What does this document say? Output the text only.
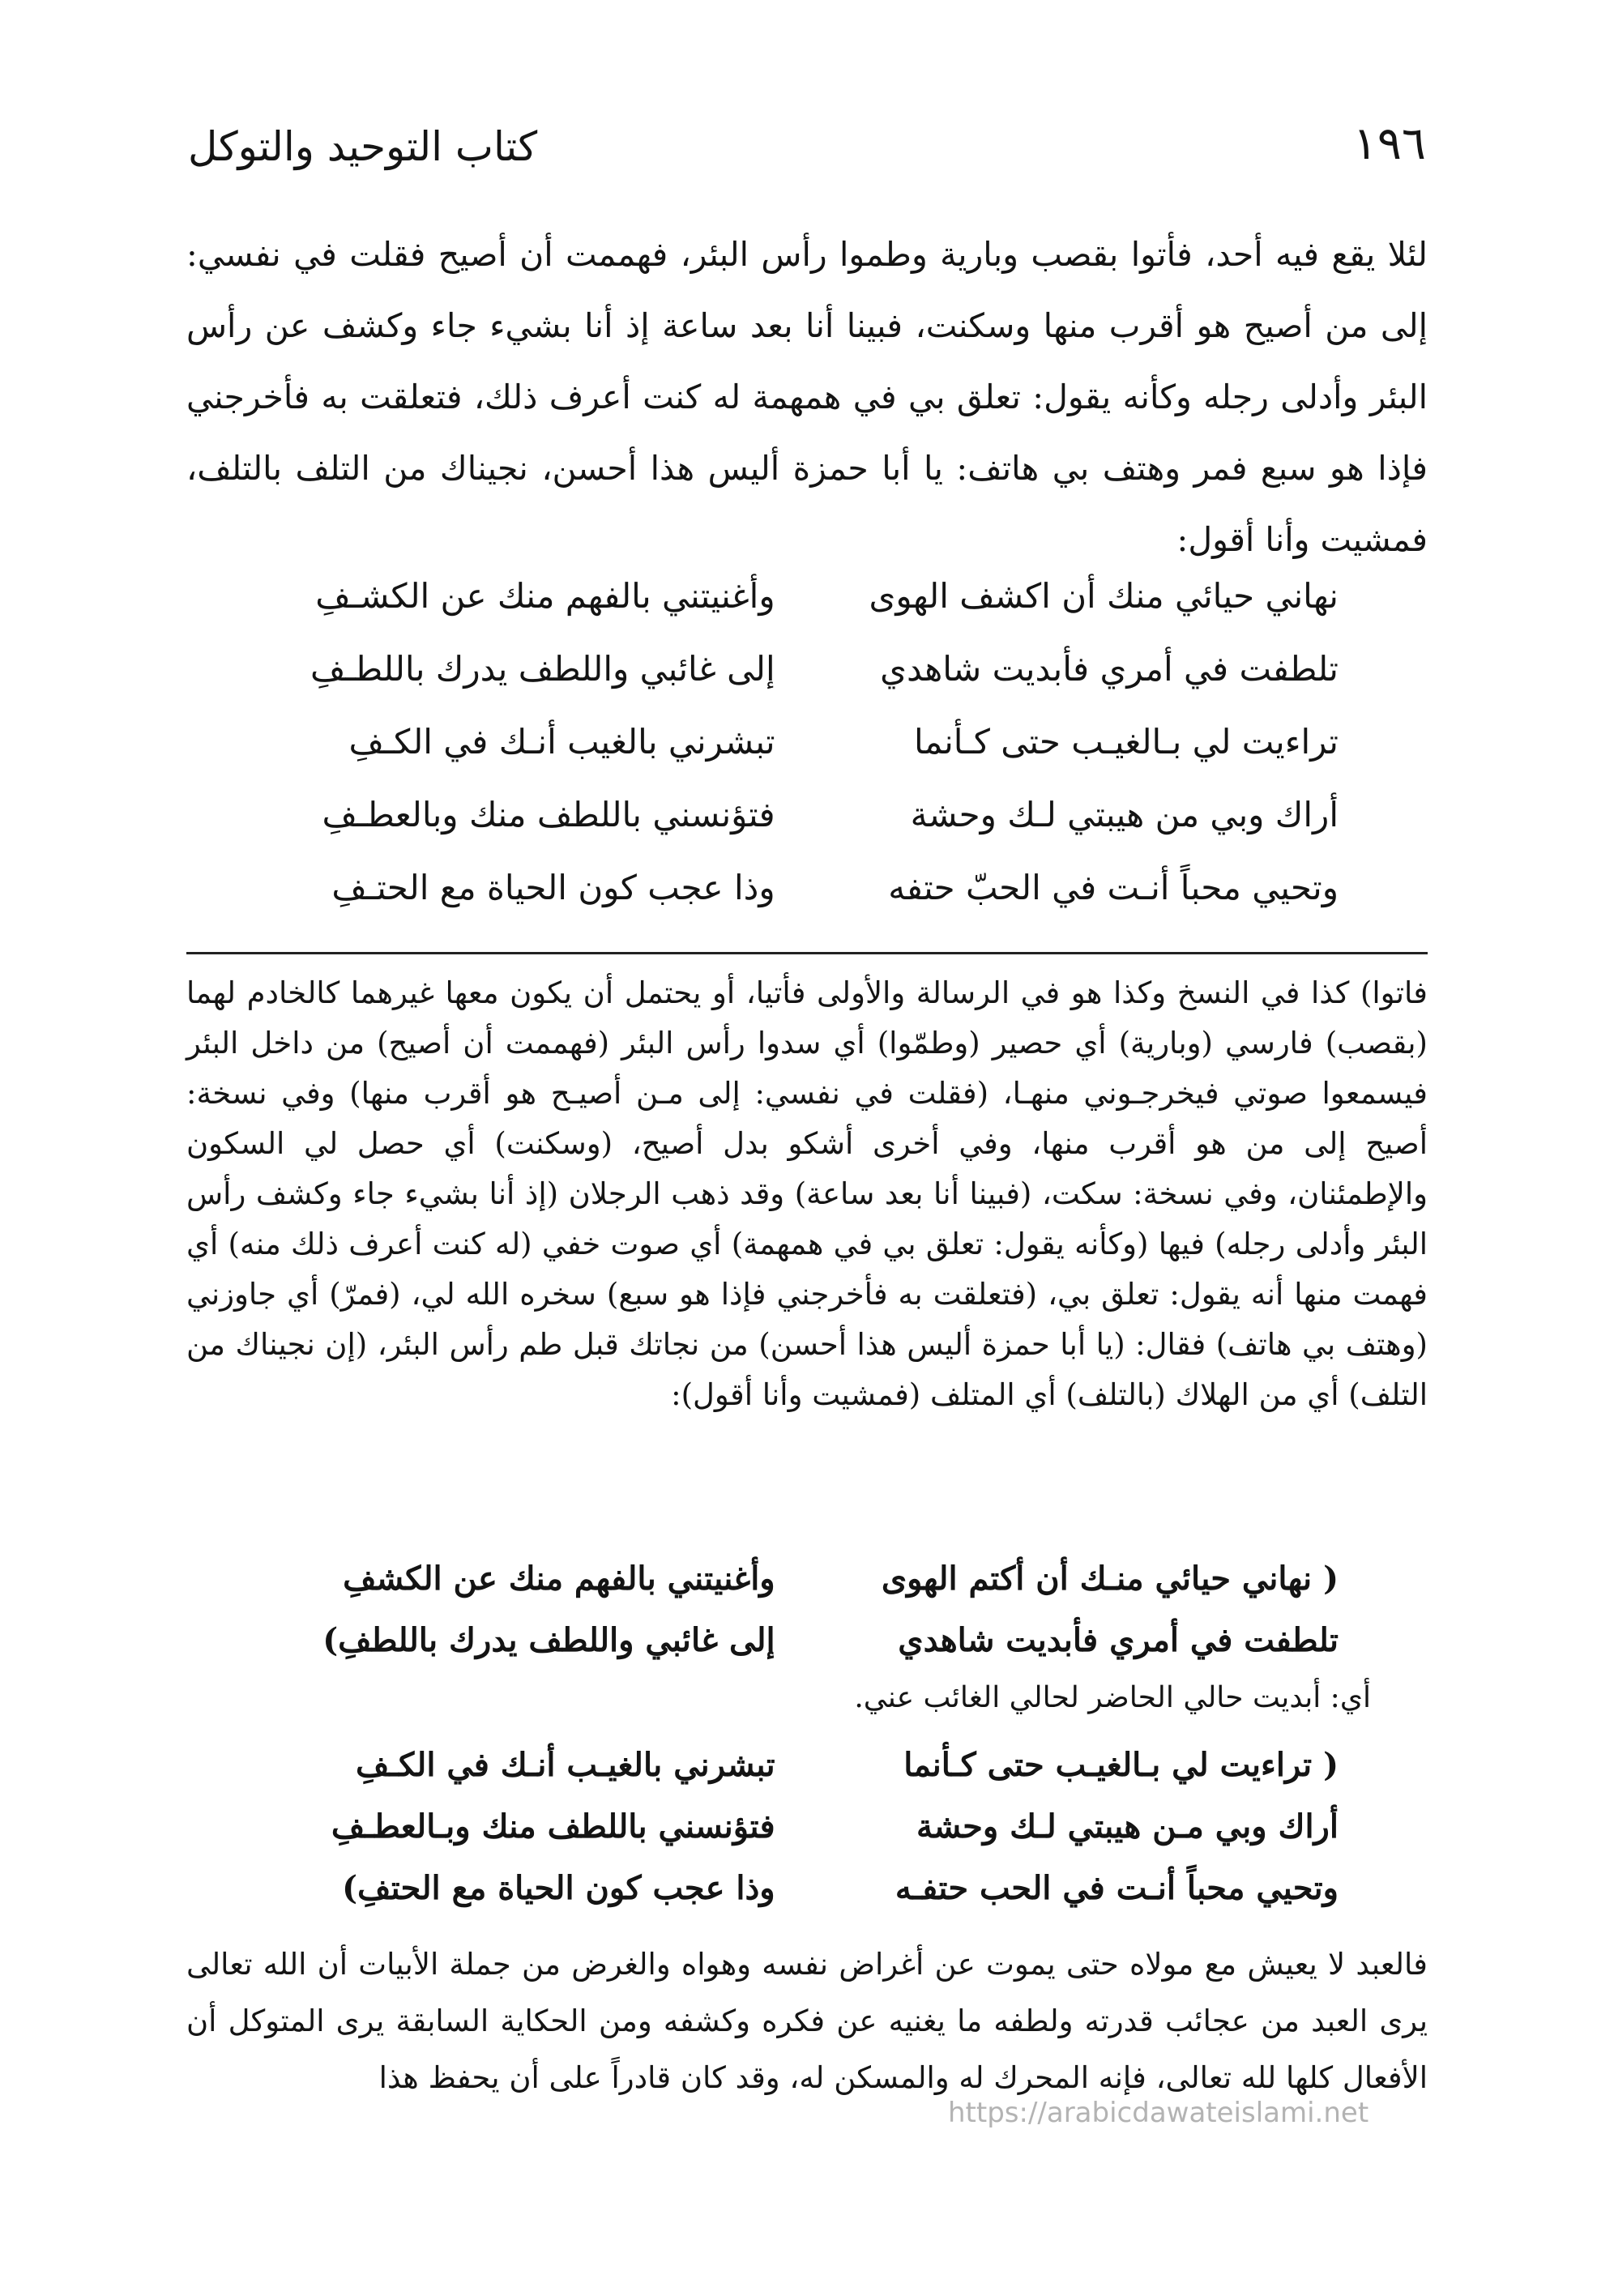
١٩٦
كتاب التوحيد والتوكل

لئلا يقع فيه أحد، فأتوا بقصب وبارية وطموا رأس البئر، فهممت أن أصيح فقلت في نفسي: إلى من أصيح هو أقرب منها وسكنت، فبينا أنا بعد ساعة إذ أنا بشيء جاء وكشف عن رأس البئر وأدلى رجله وكأنه يقول: تعلق بي في همهمة له كنت أعرف ذلك، فتعلقت به فأخرجني فإذا هو سبع فمر وهتف بي هاتف: يا أبا حمزة أليس هذا أحسن، نجيناك من التلف بالتلف، فمشيت وأنا أقول:

نهاني حيائي منك أن اكشف الهوى
وأغنيتني بالفهم منك عن الكشـفِ
تلطفت في أمري فأبديت شاهدي
إلى غائبي واللطف يدرك باللطـفِ
تراءيت لي بـالغيـب حتى كـأنما
تبشرني بالغيب أنـك في الكـفِ
أراك وبي من هيبتي لـك وحشة
فتؤنسني باللطف منك وبالعطـفِ
وتحيي محباً أنـت في الحبّ حتفه
وذا عجب كون الحياة مع الحتـفِ

فاتوا) كذا في النسخ وكذا هو في الرسالة والأولى فأتيا، أو يحتمل أن يكون معها غيرهما كالخادم لهما (بقصب) فارسي (وبارية) أي حصير (وطمّوا) أي سدوا رأس البئر (فهممت أن أصيح) من داخل البئر فيسمعوا صوتي فيخرجـوني منهـا، (فقلت في نفسي: إلى مـن أصيـح هو أقرب منها) وفي نسخة: أصيح إلى من هو أقرب منها، وفي أخرى أشكو بدل أصيح، (وسكنت) أي حصل لي السكون والإطمئنان، وفي نسخة: سكت، (فبينا أنا بعد ساعة) وقد ذهب الرجلان (إذ أنا بشيء جاء وكشف رأس البئر وأدلى رجله) فيها (وكأنه يقول: تعلق بي في همهمة) أي صوت خفي (له كنت أعرف ذلك منه) أي فهمت منها أنه يقول: تعلق بي، (فتعلقت به فأخرجني فإذا هو سبع) سخره الله لي، (فمرّ) أي جاوزني (وهتف بي هاتف) فقال: (يا أبا حمزة أليس هذا أحسن) من نجاتك قبل طم رأس البئر، (إن نجيناك من التلف) أي من الهلاك (بالتلف) أي المتلف (فمشيت وأنا أقول):

( نهاني حيائي منـك أن أكتم الهوى
وأغنيتني بالفهم منك عن الكشفِ
تلطفت في أمري فأبديت شاهدي
إلى غائبي واللطف يدرك باللطفِ)
أي: أبديت حالي الحاضر لحالي الغائب عني.
( تراءيت لي بـالغيـب حتى كـأنما
تبشرني بالغيـب أنـك في الكـفِ
أراك وبي مـن هيبتي لـك وحشة
فتؤنسني باللطف منك وبـالعطـفِ
وتحيي محباً أنـت في الحب حتفـه
وذا عجب كون الحياة مع الحتفِ)

فالعبد لا يعيش مع مولاه حتى يموت عن أغراض نفسه وهواه والغرض من جملة الأبيات أن الله تعالى يرى العبد من عجائب قدرته ولطفه ما يغنيه عن فكره وكشفه ومن الحكاية السابقة يرى المتوكل أن الأفعال كلها لله تعالى، فإنه المحرك له والمسكن له، وقد كان قادراً على أن يحفظ هذا

https://arabicdawateislami.net
